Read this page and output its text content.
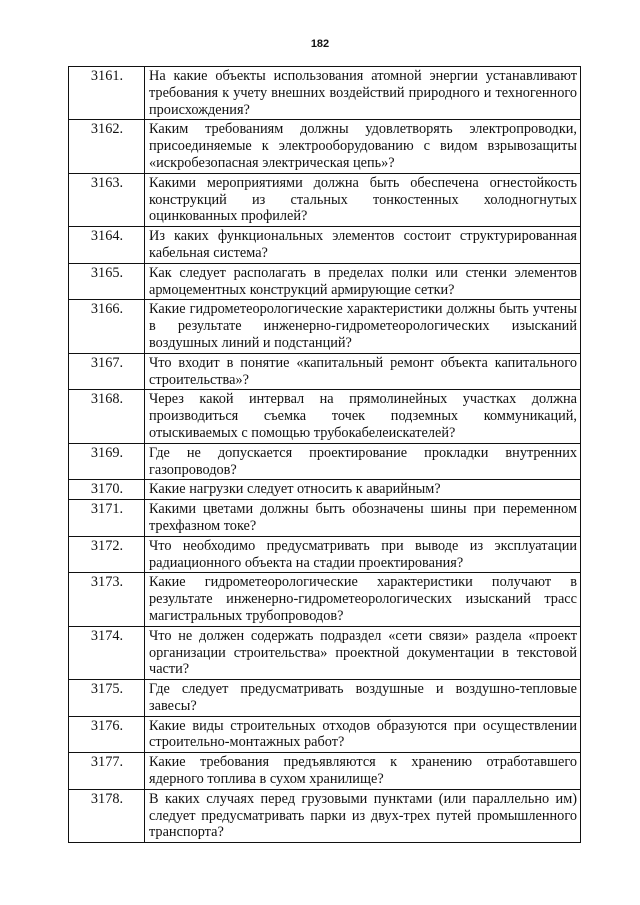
182
3161.	На какие объекты использования атомной энергии устанавливают требования к учету внешних воздействий природного и техногенного происхождения?
3162.	Каким требованиям должны удовлетворять электропроводки, присоединяемые к электрооборудованию с видом взрывозащиты «искробезопасная электрическая цепь»?
3163.	Какими мероприятиями должна быть обеспечена огнестойкость конструкций из стальных тонкостенных холодногнутых оцинкованных профилей?
3164.	Из каких функциональных элементов состоит структурированная кабельная система?
3165.	Как следует располагать в пределах полки или стенки элементов армоцементных конструкций армирующие сетки?
3166.	Какие гидрометеорологические характеристики должны быть учтены в результате инженерно-гидрометеорологических изысканий воздушных линий и подстанций?
3167.	Что входит в понятие «капитальный ремонт объекта капитального строительства»?
3168.	Через какой интервал на прямолинейных участках должна производиться съемка точек подземных коммуникаций, отыскиваемых с помощью трубокабелеискателей?
3169.	Где не допускается проектирование прокладки внутренних газопроводов?
3170.	Какие нагрузки следует относить к аварийным?
3171.	Какими цветами должны быть обозначены шины при переменном трехфазном токе?
3172.	Что необходимо предусматривать при выводе из эксплуатации радиационного объекта на стадии проектирования?
3173.	Какие гидрометеорологические характеристики получают в результате инженерно-гидрометеорологических изысканий трасс магистральных трубопроводов?
3174.	Что не должен содержать подраздел «сети связи» раздела «проект организации строительства» проектной документации в текстовой части?
3175.	Где следует предусматривать воздушные и воздушно-тепловые завесы?
3176.	Какие виды строительных отходов образуются при осуществлении строительно-монтажных работ?
3177.	Какие требования предъявляются к хранению отработавшего ядерного топлива в сухом хранилище?
3178.	В каких случаях перед грузовыми пунктами (или параллельно им) следует предусматривать парки из двух-трех путей промышленного транспорта?
